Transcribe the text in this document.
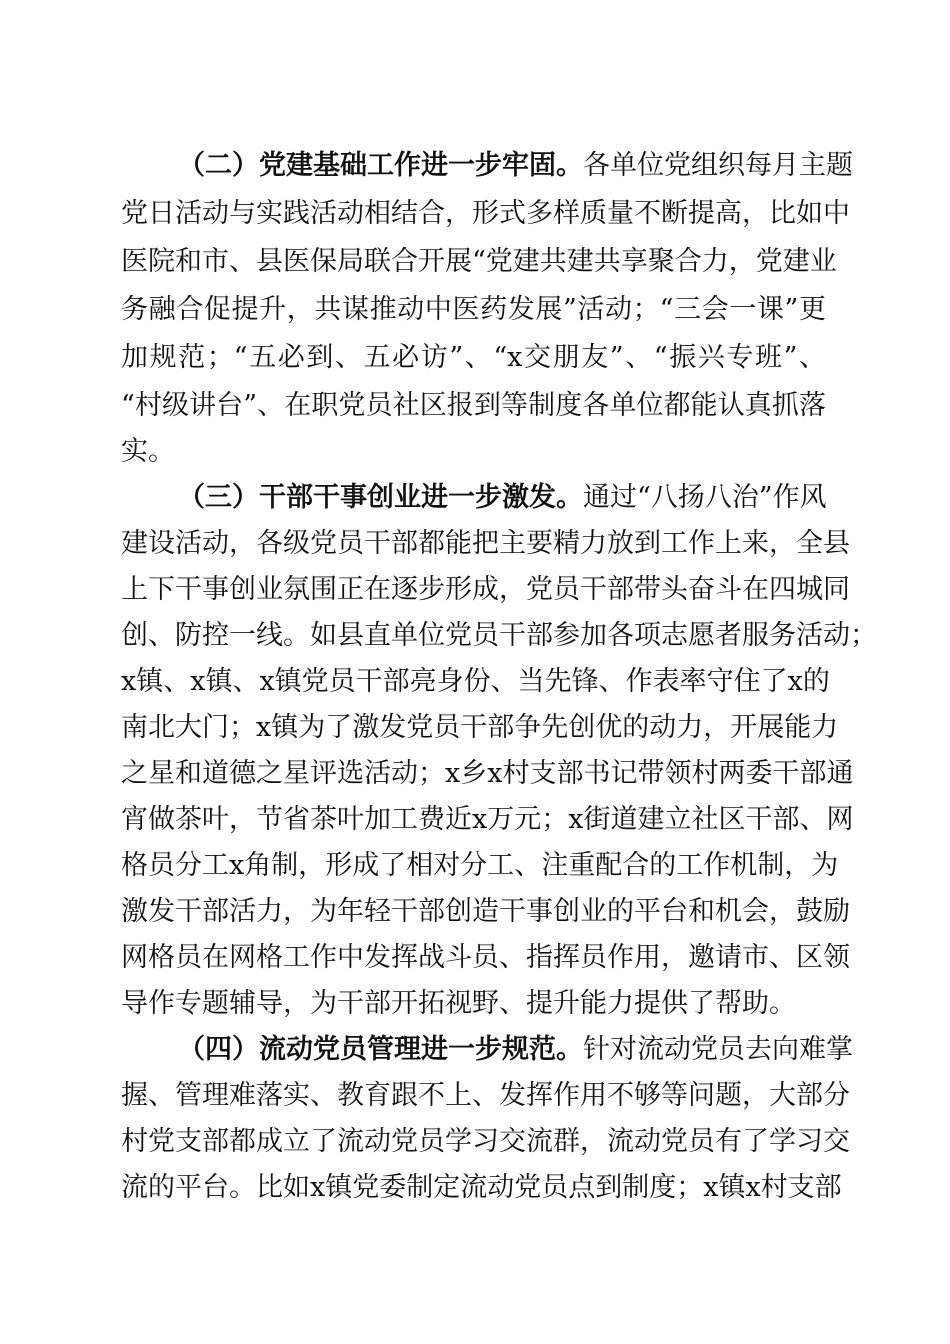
（二）党建基础工作进一步牢固。各单位党组织每月主题
党日活动与实践活动相结合，形式多样质量不断提高，比如中
医院和市、县医保局联合开展“党建共建共享聚合力，党建业
务融合促提升，共谋推动中医药发展”活动；“三会一课”更
加规范；“五必到、五必访”、“x交朋友”、“振兴专班”、
“村级讲台”、在职党员社区报到等制度各单位都能认真抓落
实。
（三）干部干事创业进一步激发。通过“八扬八治”作风
建设活动，各级党员干部都能把主要精力放到工作上来，全县
上下干事创业氛围正在逐步形成，党员干部带头奋斗在四城同
创、防控一线。如县直单位党员干部参加各项志愿者服务活动；
x镇、x镇、x镇党员干部亮身份、当先锋、作表率守住了x的
南北大门；x镇为了激发党员干部争先创优的动力，开展能力
之星和道德之星评选活动；x乡x村支部书记带领村两委干部通
宵做茶叶，节省茶叶加工费近x万元；x街道建立社区干部、网
格员分工x角制，形成了相对分工、注重配合的工作机制，为
激发干部活力，为年轻干部创造干事创业的平台和机会，鼓励
网格员在网格工作中发挥战斗员、指挥员作用，邀请市、区领
导作专题辅导，为干部开拓视野、提升能力提供了帮助。
（四）流动党员管理进一步规范。针对流动党员去向难掌
握、管理难落实、教育跟不上、发挥作用不够等问题，大部分
村党支部都成立了流动党员学习交流群，流动党员有了学习交
流的平台。比如x镇党委制定流动党员点到制度；x镇x村支部
